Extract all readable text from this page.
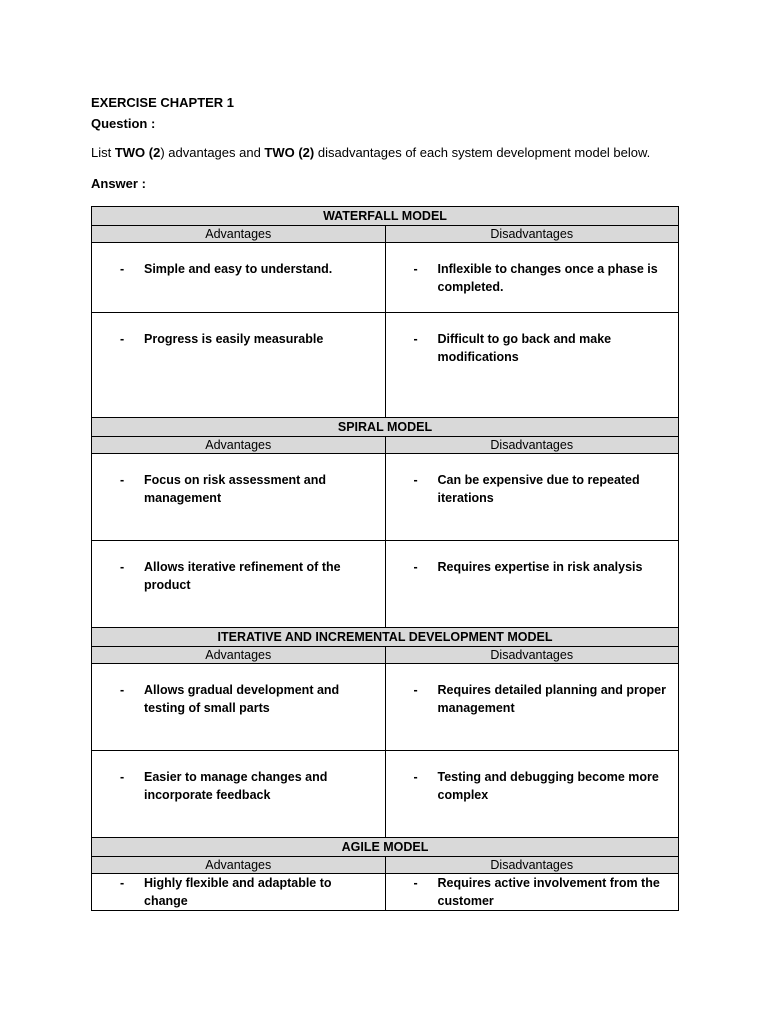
EXERCISE CHAPTER 1

Question :

List TWO (2) advantages and TWO (2) disadvantages of each system development model below.

Answer :

WATERFALL MODEL	
Advantages	Disadvantages

- Simple and easy to understand.	- Inflexible to changes once a phase is completed.

- Progress is easily measurable	- Difficult to go back and make modifications

SPIRAL MODEL	
Advantages	Disadvantages

- Focus on risk assessment and management	- Can be expensive due to repeated iterations

- Allows iterative refinement of the product	- Requires expertise in risk analysis

ITERATIVE AND INCREMENTAL DEVELOPMENT MODEL	
Advantages	Disadvantages

- Allows gradual development and testing of small parts	- Requires detailed planning and proper management

- Easier to manage changes and incorporate feedback	- Testing and debugging become more complex

AGILE MODEL	
Advantages	Disadvantages

- Highly flexible and adaptable to change	- Requires active involvement from the customer
